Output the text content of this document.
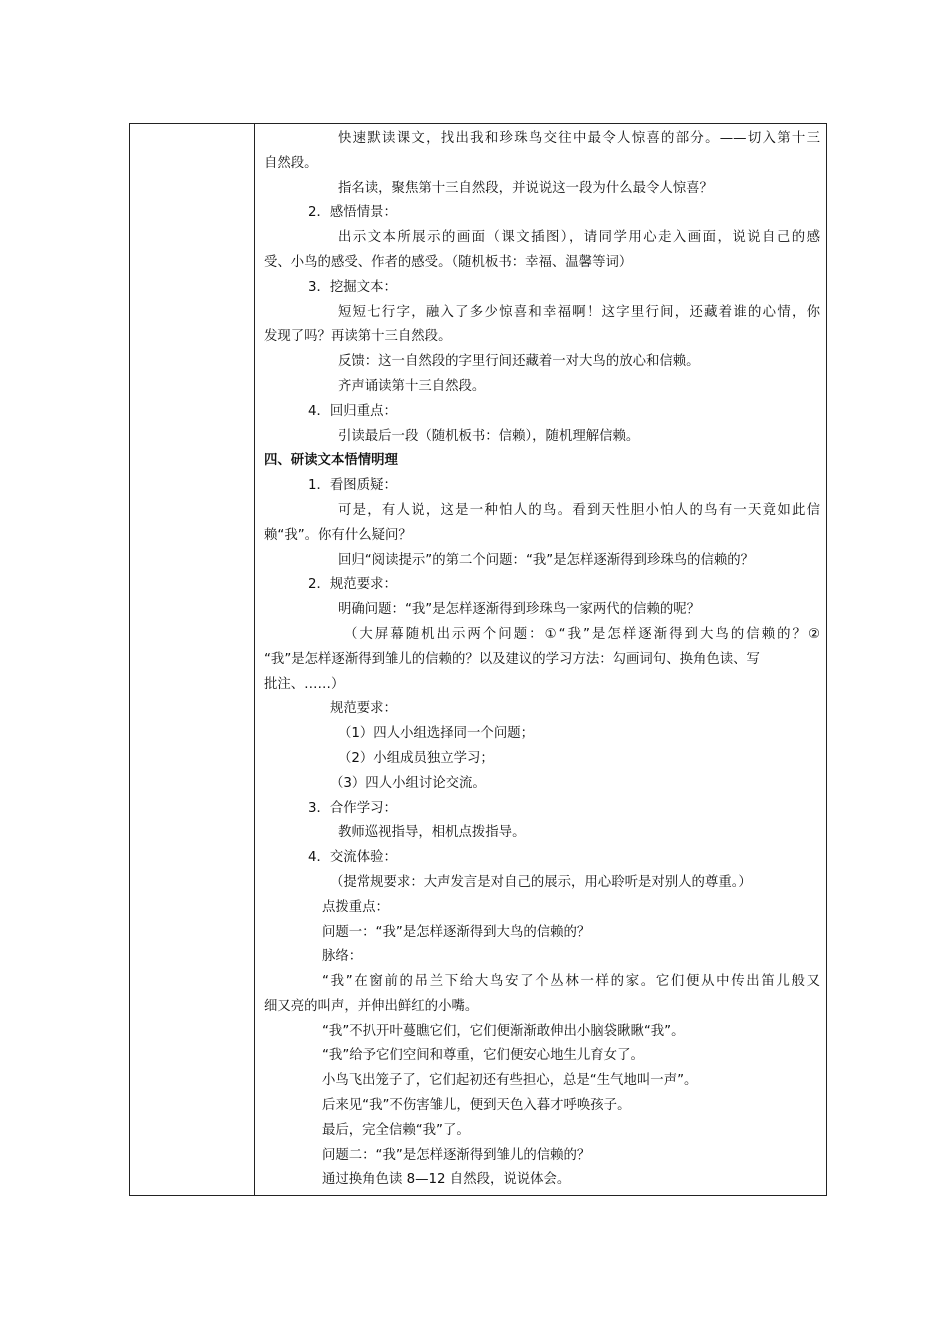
快速默读课文，找出我和珍珠鸟交往中最令人惊喜的部分。——切入第十三
自然段。
指名读，聚焦第十三自然段，并说说这一段为什么最令人惊喜？
2．感悟情景：
出示文本所展示的画面（课文插图），请同学用心走入画面，说说自己的感
受、小鸟的感受、作者的感受。（随机板书：幸福、温馨等词）
3．挖掘文本：
短短七行字，融入了多少惊喜和幸福啊！这字里行间，还藏着谁的心情，你
发现了吗？再读第十三自然段。
反馈：这一自然段的字里行间还藏着一对大鸟的放心和信赖。
齐声诵读第十三自然段。
4．回归重点：
引读最后一段（随机板书：信赖），随机理解信赖。
四、研读文本悟情明理
1．看图质疑：
可是，有人说，这是一种怕人的鸟。看到天性胆小怕人的鸟有一天竟如此信
赖“我”。你有什么疑问？
回归“阅读提示”的第二个问题：“我”是怎样逐渐得到珍珠鸟的信赖的？
2．规范要求：
明确问题：“我”是怎样逐渐得到珍珠鸟一家两代的信赖的呢？
（大屏幕随机出示两个问题：①“我”是怎样逐渐得到大鸟的信赖的？②
“我”是怎样逐渐得到雏儿的信赖的？以及建议的学习方法：勾画词句、换角色读、写
批注、……）
规范要求：
（1）四人小组选择同一个问题；
（2）小组成员独立学习；
（3）四人小组讨论交流。
3．合作学习：
教师巡视指导，相机点拨指导。
4．交流体验：
（提常规要求：大声发言是对自己的展示，用心聆听是对别人的尊重。）
点拨重点：
问题一：“我”是怎样逐渐得到大鸟的信赖的？
脉络：
“我”在窗前的吊兰下给大鸟安了个丛林一样的家。它们便从中传出笛儿般又
细又亮的叫声，并伸出鲜红的小嘴。
“我”不扒开叶蔓瞧它们，它们便渐渐敢伸出小脑袋瞅瞅“我”。
“我”给予它们空间和尊重，它们便安心地生儿育女了。
小鸟飞出笼子了，它们起初还有些担心，总是“生气地叫一声”。
后来见“我”不伤害雏儿，便到天色入暮才呼唤孩子。
最后，完全信赖“我”了。
问题二：“我”是怎样逐渐得到雏儿的信赖的？
通过换角色读 8—12 自然段，说说体会。
